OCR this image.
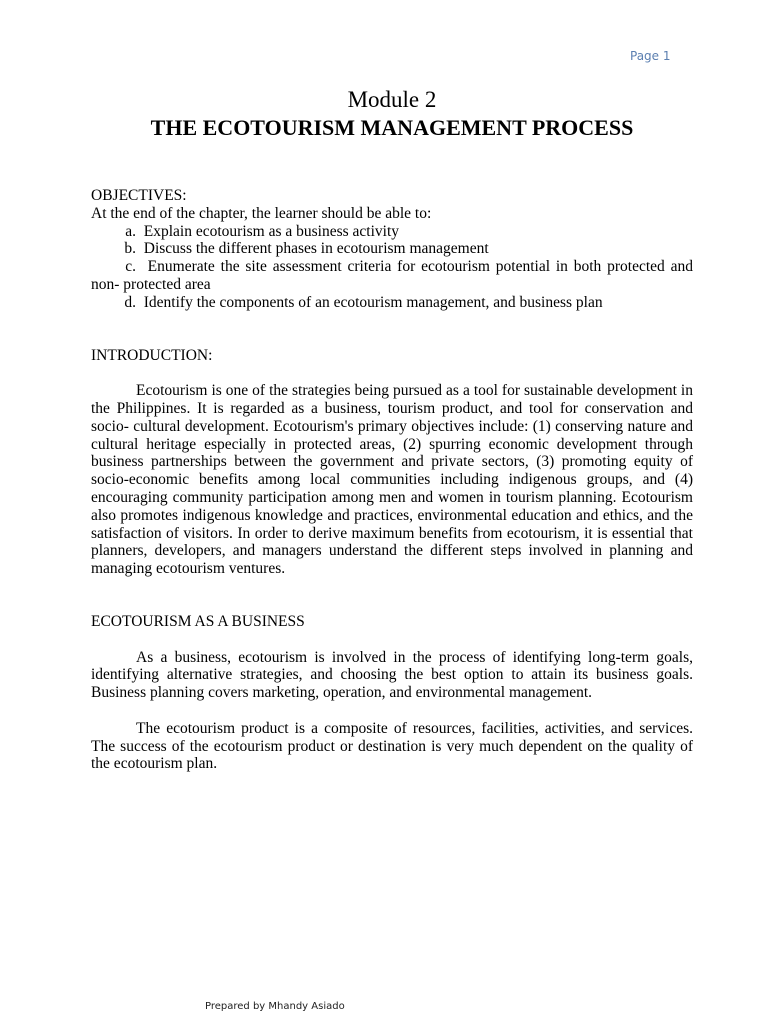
Page 1
Module 2
THE ECOTOURISM MANAGEMENT PROCESS

OBJECTIVES:

At the end of the chapter, the learner should be able to:

a. Explain ecotourism as a business activity
b. Discuss the different phases in ecotourism management
c. Enumerate the site assessment criteria for ecotourism potential in both protected and non- protected area
d. Identify the components of an ecotourism management, and business plan

INTRODUCTION:

Ecotourism is one of the strategies being pursued as a tool for sustainable development in the Philippines. It is regarded as a business, tourism product, and tool for conservation and socio- cultural development. Ecotourism's primary objectives include: (1) conserving nature and cultural heritage especially in protected areas, (2) spurring economic development through business partnerships between the government and private sectors, (3) promoting equity of socio-economic benefits among local communities including indigenous groups, and (4) encouraging community participation among men and women in tourism planning. Ecotourism also promotes indigenous knowledge and practices, environmental education and ethics, and the satisfaction of visitors. In order to derive maximum benefits from ecotourism, it is essential that planners, developers, and managers understand the different steps involved in planning and managing ecotourism ventures.

ECOTOURISM AS A BUSINESS

As a business, ecotourism is involved in the process of identifying long-term goals, identifying alternative strategies, and choosing the best option to attain its business goals. Business planning covers marketing, operation, and environmental management.

The ecotourism product is a composite of resources, facilities, activities, and services. The success of the ecotourism product or destination is very much dependent on the quality of the ecotourism plan.

Prepared by Mhandy Asiado
